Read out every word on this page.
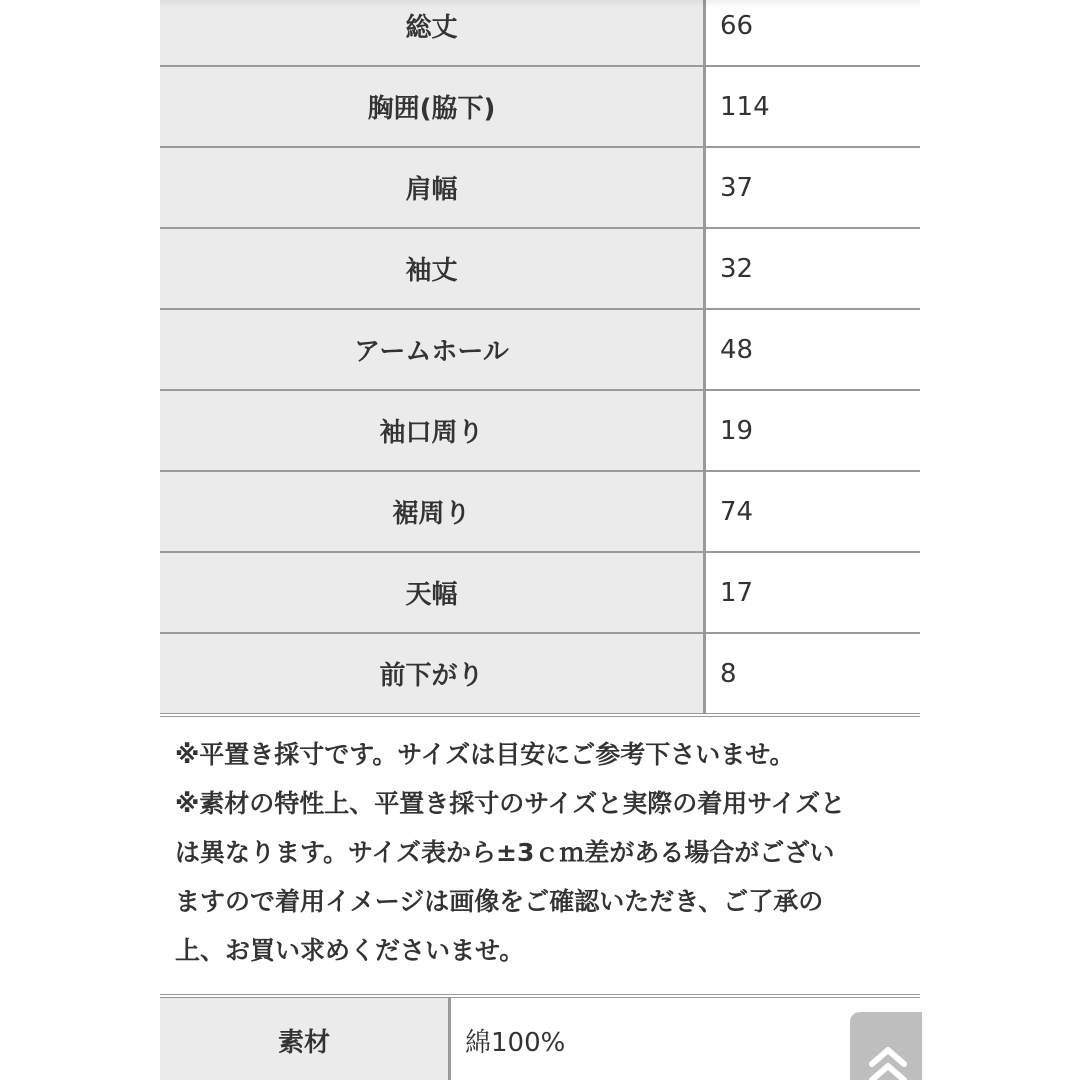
総丈	66
胸囲(脇下)	114
肩幅	37
袖丈	32
アームホール	48
袖口周り	19
裾周り	74
天幅	17
前下がり	8

※平置き採寸です。サイズは目安にご参考下さいませ。

※素材の特性上、平置き採寸のサイズと実際の着用サイズと

は異なります。サイズ表から±3ｃｍ差がある場合がござい

ますので着用イメージは画像をご確認いただき、ご了承の

上、お買い求めくださいませ。

素材	綿100%
